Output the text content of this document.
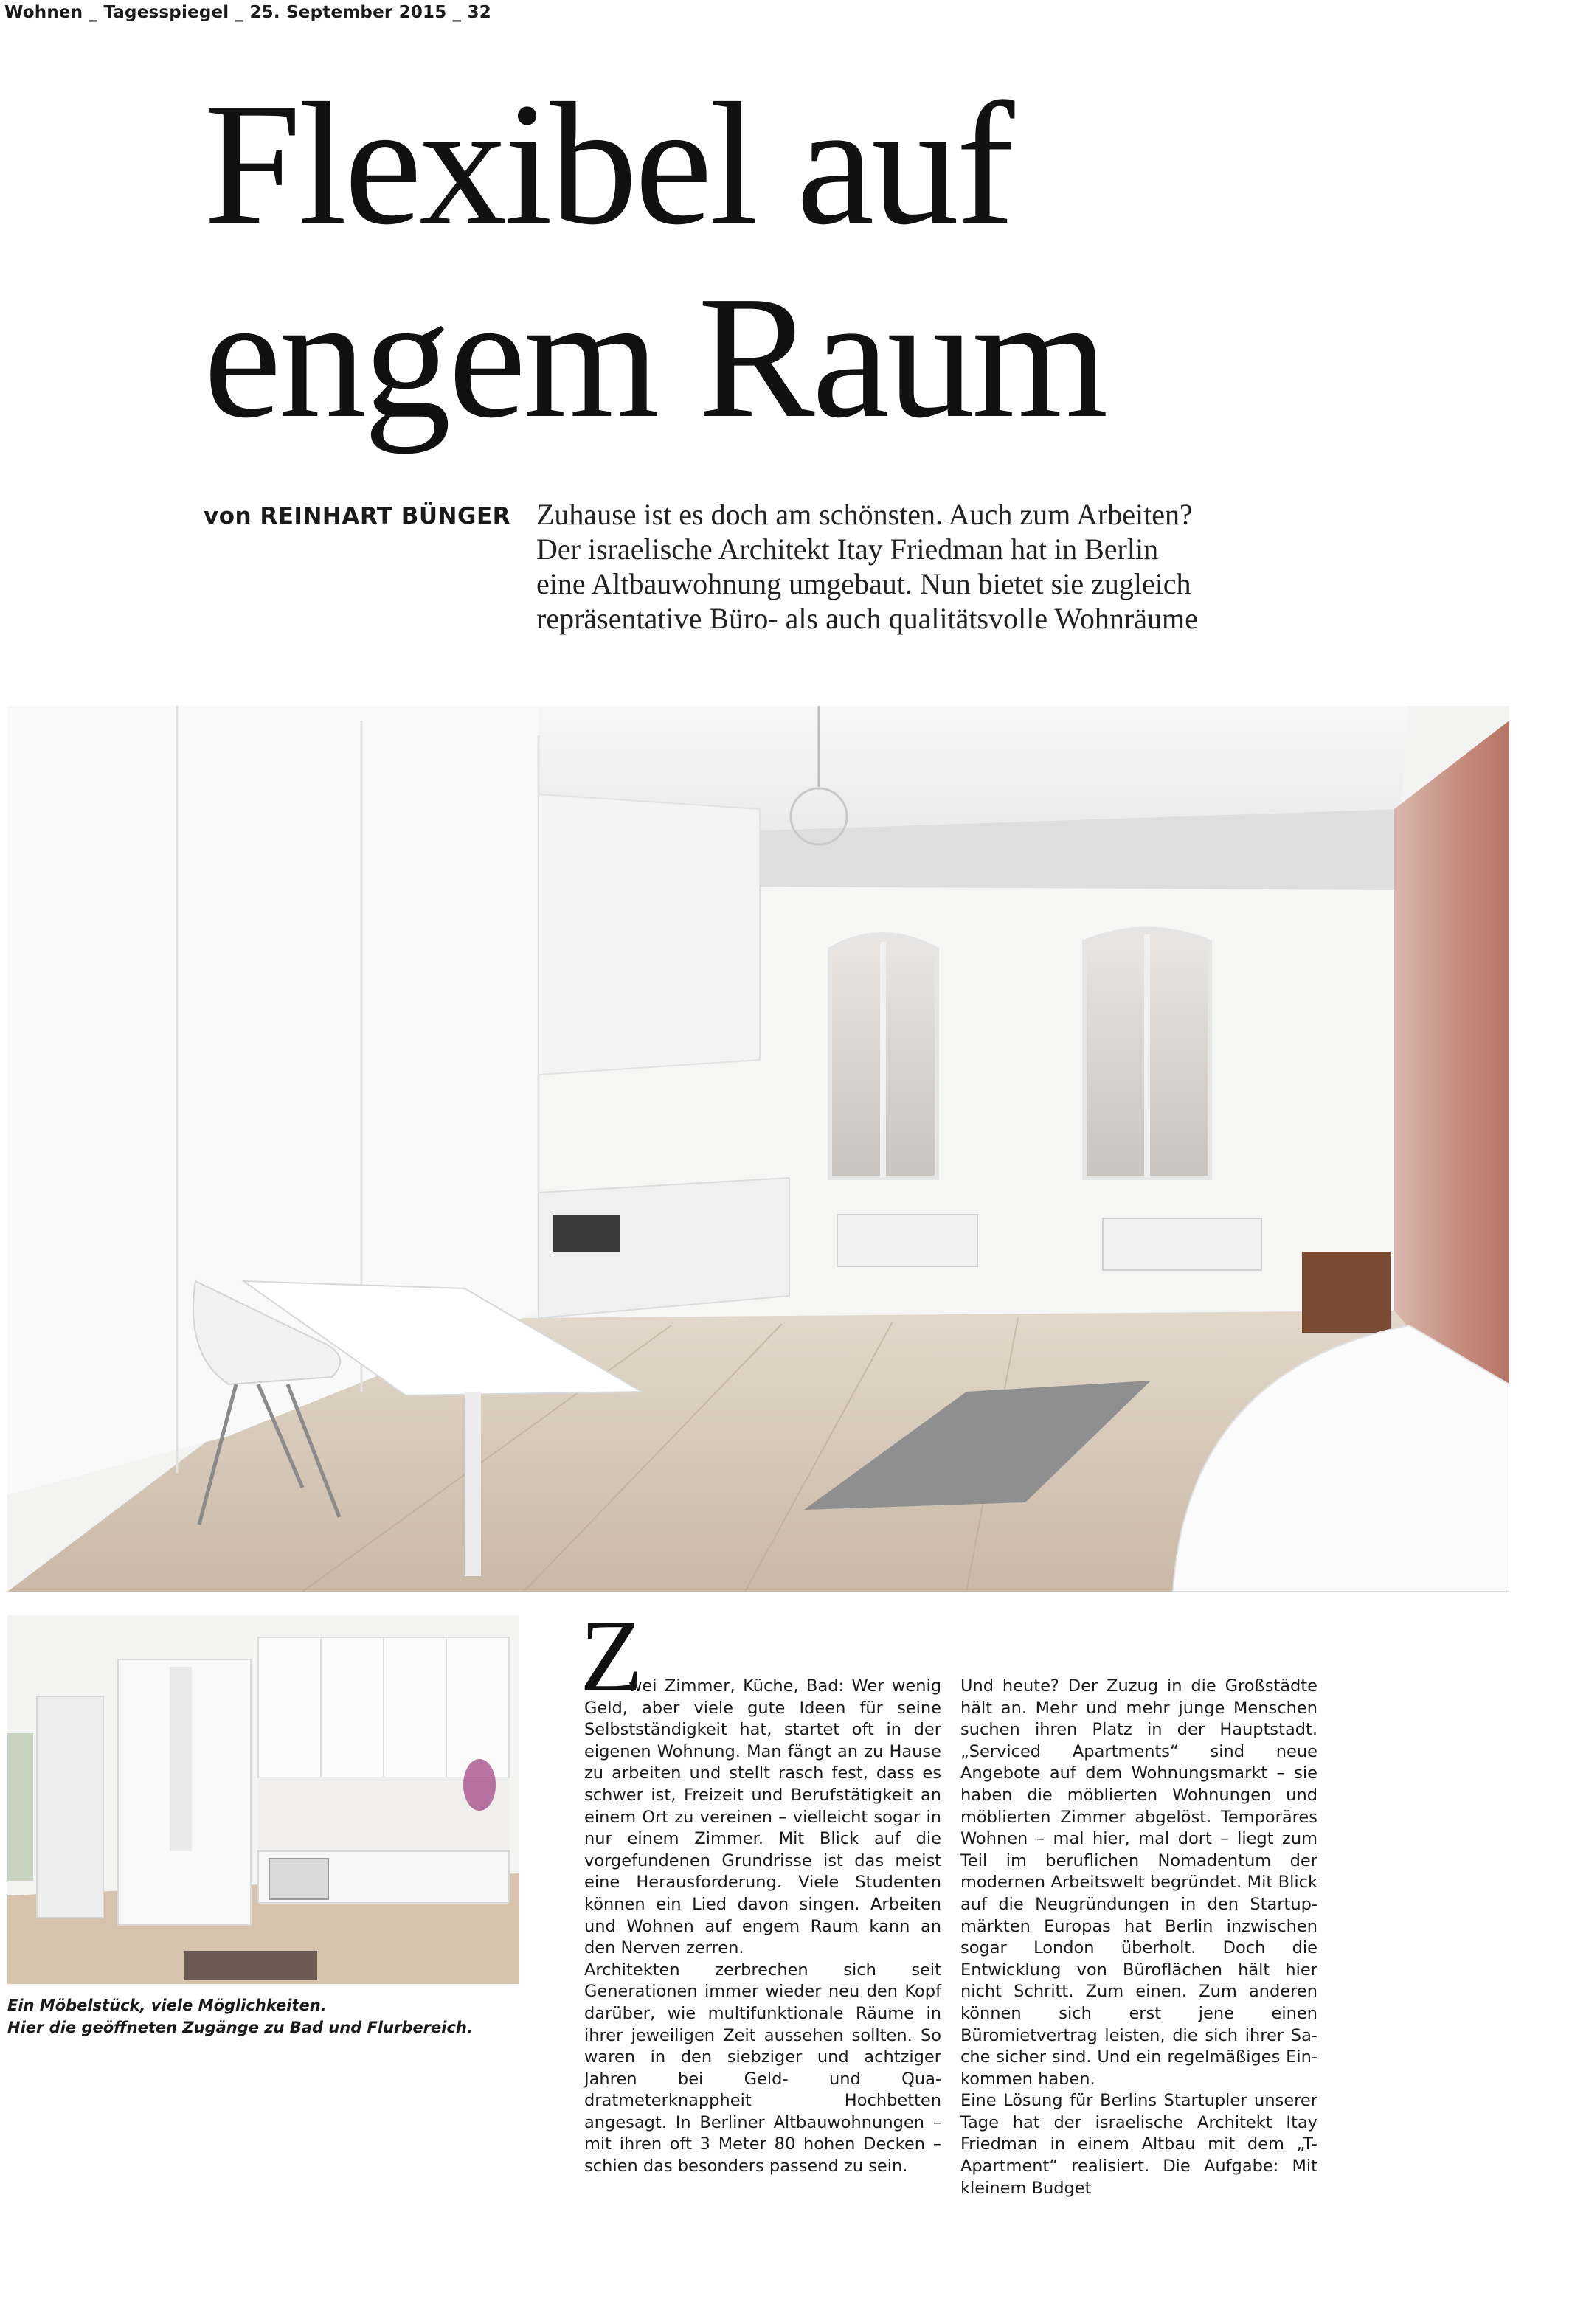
Wohnen _ Tagesspiegel _ 25. September 2015 _ 32
Flexibel auf
engem Raum
von REINHART BÜNGER Zuhause ist es doch am schönsten. Auch zum Arbeiten?
Der israelische Architekt Itay Friedman hat in Berlin
eine Altbauwohnung umgebaut. Nun bietet sie zugleich
repräsentative Büro- als auch qualitätsvolle Wohnräume
Ein Möbelstück, viele Möglichkeiten.
Hier die geöffneten Zugänge zu Bad und Flurbereich.
Z

wei Zimmer, Küche, Bad: Wer wenig Geld, aber viele gute Ideen für seine Selbstständigkeit hat, startet oft in der eigenen Wohnung. Man fängt an zu Hause zu arbeiten und stellt rasch fest, dass es schwer ist, Freizeit und Berufstätigkeit an einem Ort zu vereinen – vielleicht sogar in nur einem Zimmer. Mit Blick auf die vorgefundenen Grundrisse ist das meist eine Herausforderung. Viele Studenten können ein Lied davon singen. Arbeiten und Wohnen auf engem Raum kann an den Nerven zerren.

Architekten zerbrechen sich seit Generationen immer wieder neu den Kopf darüber, wie multifunktionale Räume in ihrer jeweiligen Zeit aussehen sollten. So waren in den siebziger und achtziger Jahren bei Geld- und Quadratmeterknappheit Hochbetten angesagt. In Berliner Altbauwohnungen – mit ihren oft 3 Meter 80 hohen Decken – schien das besonders passend zu sein.

Und heute? Der Zuzug in die Großstädte hält an. Mehr und mehr junge Menschen suchen ihren Platz in der Hauptstadt. „Serviced Apartments“ sind neue Angebote auf dem Wohnungsmarkt – sie haben die möblierten Wohnungen und möblierten Zimmer abgelöst. Temporäres Wohnen – mal hier, mal dort – liegt zum Teil im beruflichen Nomadentum der modernen Arbeitswelt begründet. Mit Blick auf die Neugründungen in den Startupmärkten Europas hat Berlin inzwischen sogar London überholt. Doch die Entwicklung von Büroflächen hält hier nicht Schritt. Zum einen. Zum anderen können sich erst jene einen Büromietvertrag leisten, die sich ihrer Sache sicher sind. Und ein regelmäßiges Einkommen haben.

Eine Lösung für Berlins Startupler unserer Tage hat der israelische Architekt Itay Friedman in einem Altbau mit dem „T-Apartment“ realisiert. Die Aufgabe: Mit kleinem Budget
